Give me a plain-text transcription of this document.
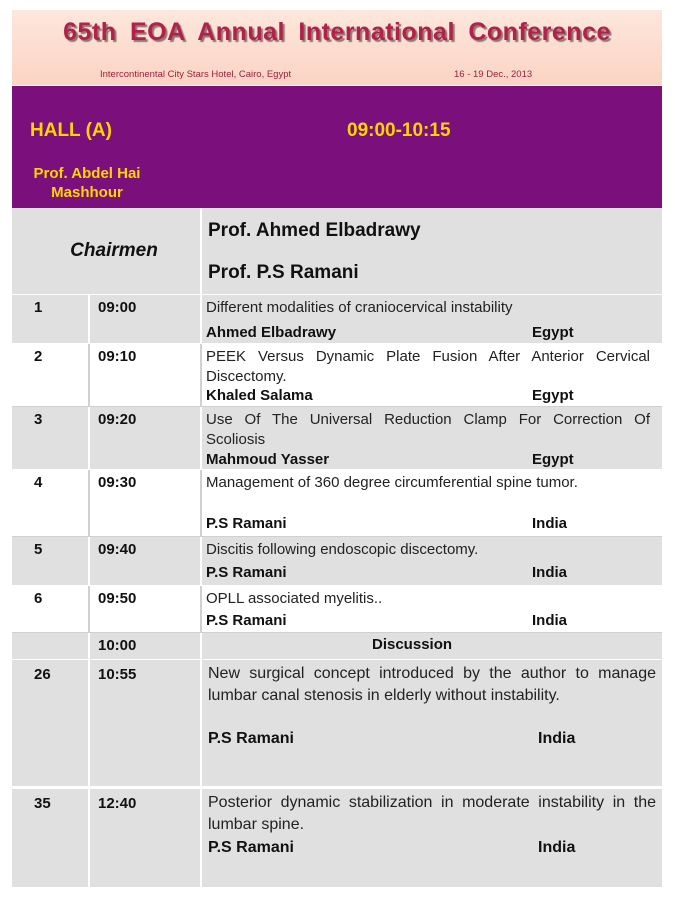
65th EOA Annual International Conference
Intercontinental City Stars Hotel, Cairo, Egypt	16 - 19 Dec., 2013
HALL (A)	09:00-10:15
Prof. Abdel Hai
Mashhour
Chairmen
Prof. Ahmed Elbadrawy
Prof. P.S Ramani
1	09:00	Different modalities of craniocervical instability
Ahmed Elbadrawy	Egypt
2	09:10	PEEK Versus Dynamic Plate Fusion After Anterior Cervical Discectomy.
Khaled Salama	Egypt
3	09:20	Use Of The Universal Reduction Clamp For Correction Of Scoliosis
Mahmoud Yasser	Egypt
4	09:30	Management of 360 degree circumferential spine tumor.
P.S Ramani	India
5	09:40	Discitis following endoscopic discectomy.
P.S Ramani	India
6	09:50	OPLL associated myelitis..
P.S Ramani	India
10:00	Discussion
26	10:55	New surgical concept introduced by the author to manage lumbar canal stenosis in elderly without instability.
P.S Ramani	India
35	12:40	Posterior dynamic stabilization in moderate instability in the lumbar spine.
P.S Ramani	India
